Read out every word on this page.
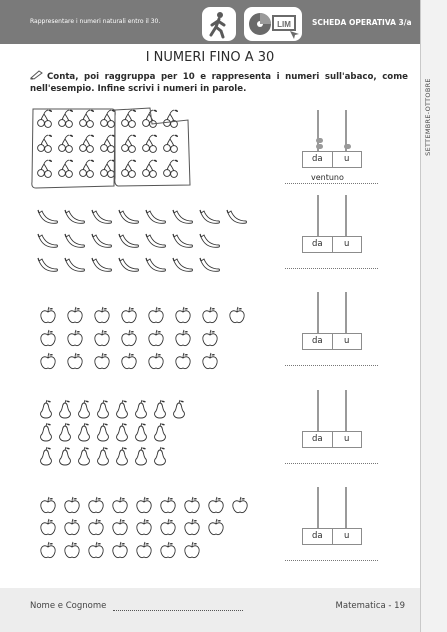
Rappresentare i numeri naturali entro il 30.	LIM	SCHEDA OPERATIVA 3/a
SETTEMBRE-OTTOBRE
I NUMERI FINO A 30
Conta, poi raggruppa per 10 e rappresenta i numeri sull'abaco, come nell'esempio. Infine scrivi i numeri in parole.
da	u
ventuno
da	u
da	u
da	u
da	u
Nome e Cognome	Matematica - 19
